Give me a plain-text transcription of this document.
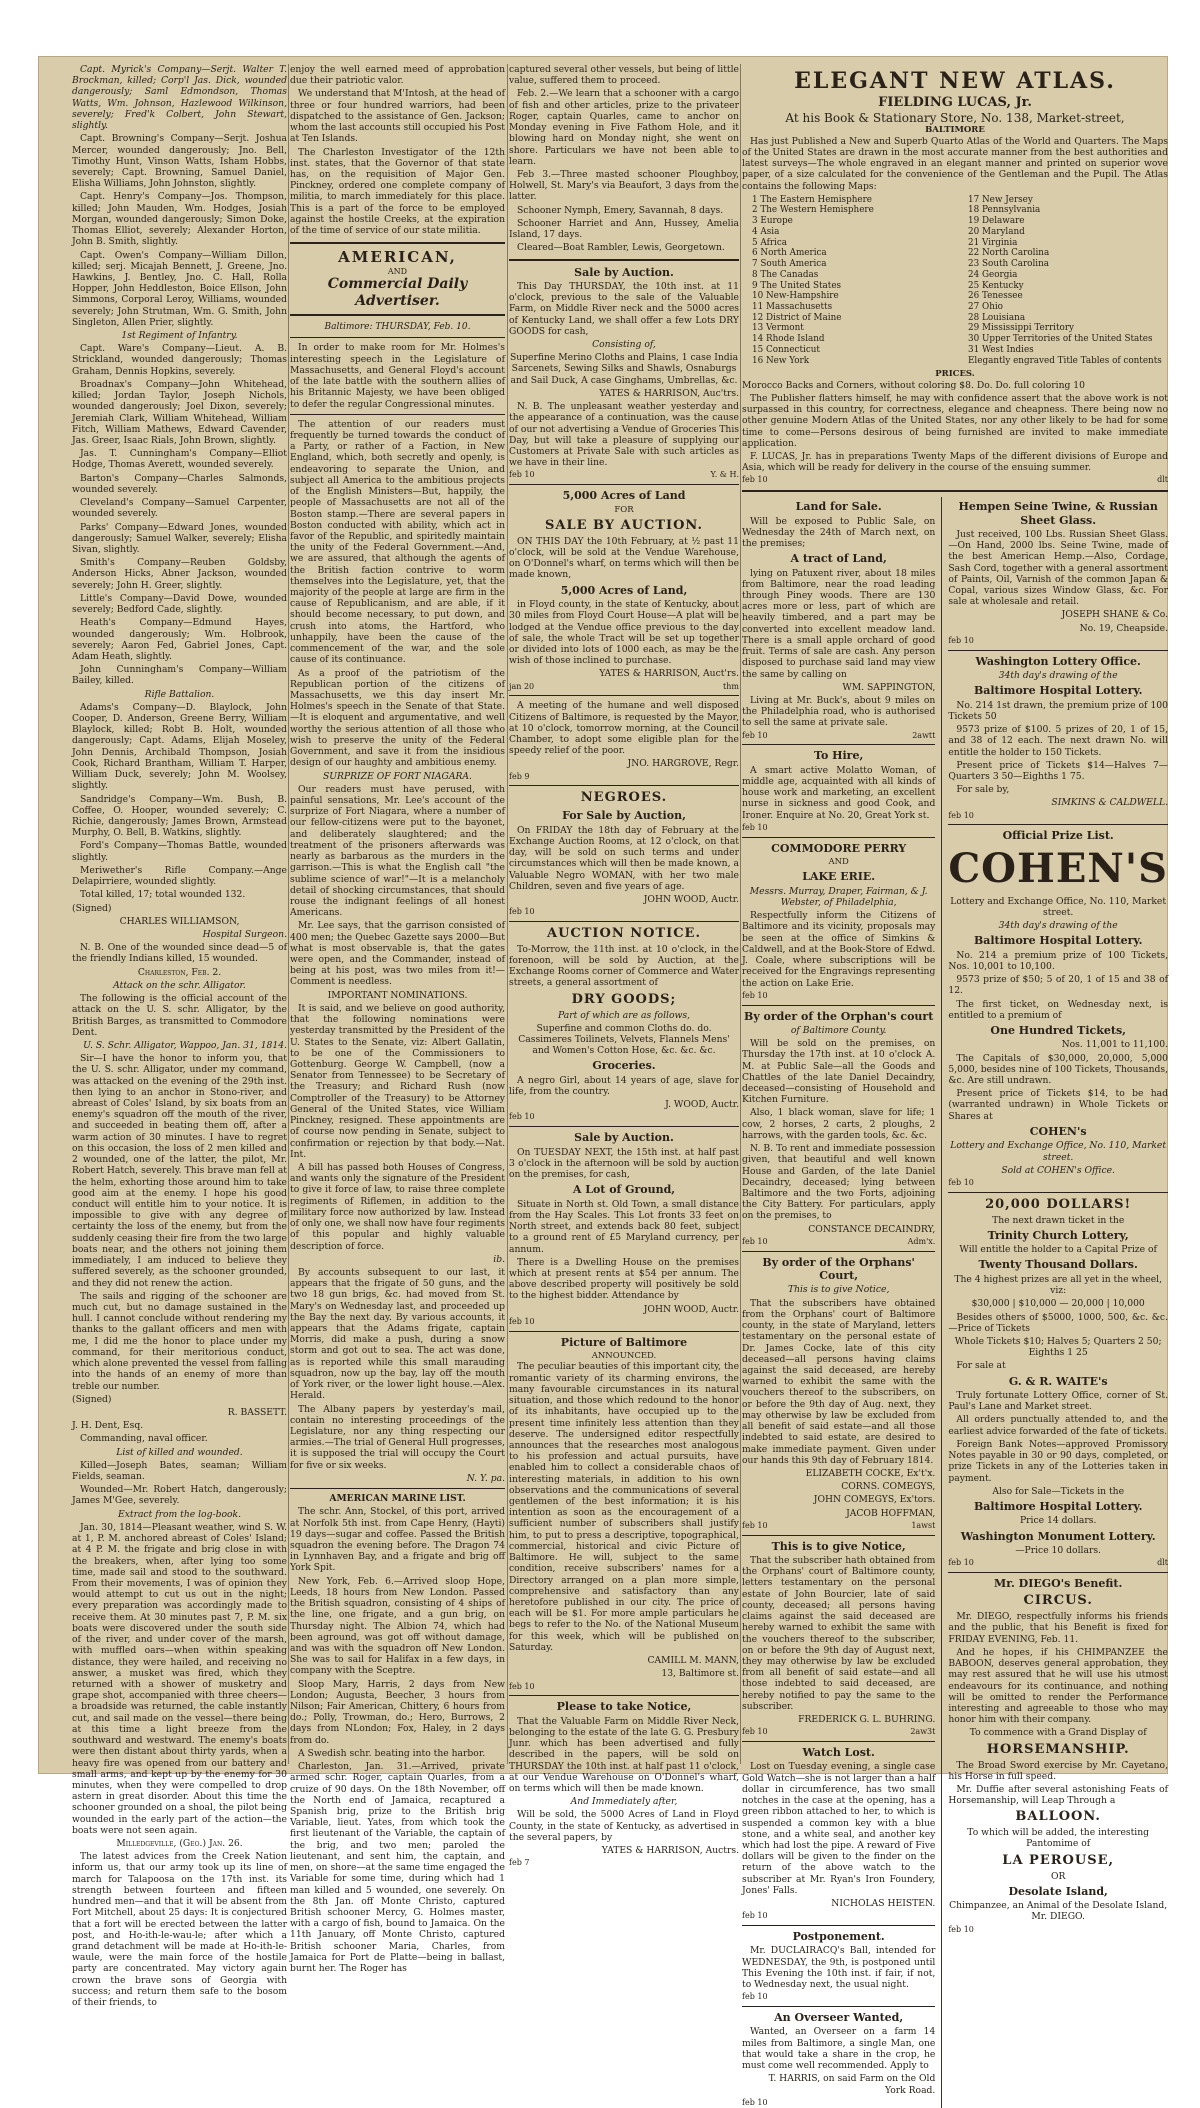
Capt. Myrick's Company—Serjt. Walter T. Brockman, killed; Corp'l Jas. Dick, wounded dangerously; Saml Edmondson, Thomas Watts, Wm. Johnson, Hazlewood Wilkinson, severely; Fred'k Colbert, John Stewart, slightly.

Capt. Browning's Company—Serjt. Joshua Mercer, wounded dangerously; Jno. Bell, Timothy Hunt, Vinson Watts, Isham Hobbs, severely; Capt. Browning, Samuel Daniel, Elisha Williams, John Johnston, slightly.

Capt. Henry's Company—Jos. Thompson, killed; John Mauden, Wm. Hodges, Josiah Morgan, wounded dangerously; Simon Doke, Thomas Elliot, severely; Alexander Horton, John B. Smith, slightly.

Capt. Owen's Company—William Dillon, killed; serj. Micajah Bennett, J. Greene, Jno. Hawkins, J. Bentley, Jno. C. Hall, Rolla Hopper, John Heddleston, Boice Ellson, John Simmons, Corporal Leroy, Williams, wounded severely; John Strutman, Wm. G. Smith, John Singleton, Allen Prier, slightly.

1st Regiment of Infantry.

Capt. Ware's Company—Lieut. A. B. Strickland, wounded dangerously; Thomas Graham, Dennis Hopkins, severely.

Broadnax's Company—John Whitehead, killed; Jordan Taylor, Joseph Nichols, wounded dangerously; Joel Dixon, severely; Jeremiah Clark, William Whitehead, William Fitch, William Mathews, Edward Cavender, Jas. Greer, Isaac Rials, John Brown, slightly.

Jas. T. Cunningham's Company—Elliot Hodge, Thomas Averett, wounded severely.

Barton's Company—Charles Salmonds, wounded severely.

Cleveland's Company—Samuel Carpenter, wounded severely.

Parks' Company—Edward Jones, wounded dangerously; Samuel Walker, severely; Elisha Sivan, slightly.

Smith's Company—Reuben Goldsby, Anderson Hicks, Abner Jackson, wounded severely; John H. Greer, slightly.

Little's Company—David Dowe, wounded severely; Bedford Cade, slightly.

Heath's Company—Edmund Hayes, wounded dangerously; Wm. Holbrook, severely; Aaron Fed, Gabriel Jones, Capt. Adam Heath, slightly.

John Cunningham's Company—William Bailey, killed.

Rifle Battalion.

Adams's Company—D. Blaylock, John Cooper, D. Anderson, Greene Berry, William Blaylock, killed; Robt B. Holt, wounded dangerously; Capt. Adams, Elijah Moseley, John Dennis, Archibald Thompson, Josiah Cook, Richard Brantham, William T. Harper, William Duck, severely; John M. Woolsey, slightly.

Sandridge's Company—Wm. Bush, B. Coffee, O. Hooper, wounded severely; C. Richie, dangerously; James Brown, Armstead Murphy, O. Bell, B. Watkins, slightly.

Ford's Company—Thomas Battle, wounded slightly.

Meriwether's Rifle Company.—Ange Delapirriere, wounded slightly.

Total killed, 17; total wounded 132.

(Signed)

CHARLES WILLIAMSON,

Hospital Surgeon.

N. B. One of the wounded since dead—5 of the friendly Indians killed, 15 wounded.

Charleston, Feb. 2.

Attack on the schr. Alligator.

The following is the official account of the attack on the U. S. schr. Alligator, by the British Barges, as transmitted to Commodore Dent.

U. S. Schr. Alligator, Wappoo, Jan. 31, 1814.

Sir—I have the honor to inform you, that the U. S. schr. Alligator, under my command, was attacked on the evening of the 29th inst. then lying to an anchor in Stono-river, and abreast of Coles' Island, by six boats from an enemy's squadron off the mouth of the river, and succeeded in beating them off, after a warm action of 30 minutes. I have to regret on this occasion, the loss of 2 men killed and 2 wounded, one of the latter, the pilot, Mr. Robert Hatch, severely. This brave man fell at the helm, exhorting those around him to take good aim at the enemy. I hope his good conduct will entitle him to your notice. It is impossible to give with any degree of certainty the loss of the enemy, but from the suddenly ceasing their fire from the two large boats near, and the others not joining them immediately, I am induced to believe they suffered severely, as the schooner grounded, and they did not renew the action.

The sails and rigging of the schooner are much cut, but no damage sustained in the hull. I cannot conclude without rendering my thanks to the gallant officers and men with me, I did me the honor to place under my command, for their meritorious conduct, which alone prevented the vessel from falling into the hands of an enemy of more than treble our number.

(Signed)

R. BASSETT.

J. H. Dent, Esq.

Commanding, naval officer.

List of killed and wounded.

Killed—Joseph Bates, seaman; William Fields, seaman.

Wounded—Mr. Robert Hatch, dangerously; James M'Gee, severely.

Extract from the log-book.

Jan. 30, 1814—Pleasant weather, wind S. W. at 1, P. M. anchored abreast of Coles' Island; at 4 P. M. the frigate and brig close in with the breakers, when, after lying too some time, made sail and stood to the southward. From their movements, I was of opinion they would attempt to cut us out in the night; every preparation was accordingly made to receive them. At 30 minutes past 7, P. M. six boats were discovered under the south side of the river, and under cover of the marsh, with muffled oars—when within speaking distance, they were hailed, and receiving no answer, a musket was fired, which they returned with a shower of musketry and grape shot, accompanied with three cheers—a broadside was returned, the cable instantly cut, and sail made on the vessel—there being at this time a light breeze from the southward and westward. The enemy's boats were then distant about thirty yards, when a heavy fire was opened from our battery and small arms, and kept up by the enemy for 30 minutes, when they were compelled to drop astern in great disorder. About this time the schooner grounded on a shoal, the pilot being wounded in the early part of the action—the boats were not seen again.

Milledgeville, (Geo.) Jan. 26.

The latest advices from the Creek Nation inform us, that our army took up its line of march for Talapoosa on the 17th inst. its strength between fourteen and fifteen hundred men—and that it will be absent from Fort Mitchell, about 25 days: It is conjectured that a fort will be erected between the latter post, and Ho-ith-le-wau-le; after which a grand detachment will be made at Ho-ith-le-waule, were the main force of the hostile party are concentrated. May victory again crown the brave sons of Georgia with success; and return them safe to the bosom of their friends, to

enjoy the well earned meed of approbation due their patriotic valor.

We understand that M'Intosh, at the head of three or four hundred warriors, had been dispatched to the assistance of Gen. Jackson; whom the last accounts still occupied his Post at Ten Islands.

The Charleston Investigator of the 12th inst. states, that the Governor of that state has, on the requisition of Major Gen. Pinckney, ordered one complete company of militia, to march immediately for this place. This is a part of the force to be employed against the hostile Creeks, at the expiration of the time of service of our state militia.

AMERICAN,
AND
Commercial Daily Advertiser.
Baltimore: THURSDAY, Feb. 10.

In order to make room for Mr. Holmes's interesting speech in the Legislature of Massachusetts, and General Floyd's account of the late battle with the southern allies of his Britannic Majesty, we have been obliged to defer the regular Congressional minutes.

The attention of our readers must frequently be turned towards the conduct of a Party, or rather of a Faction, in New England, which, both secretly and openly, is endeavoring to separate the Union, and subject all America to the ambitious projects of the English Ministers—But, happily, the people of Massachusetts are not all of the Boston stamp.—There are several papers in Boston conducted with ability, which act in favor of the Republic, and spiritedly maintain the unity of the Federal Government.—And, we are assured, that although the agents of the British faction contrive to worm themselves into the Legislature, yet, that the majority of the people at large are firm in the cause of Republicanism, and are able, if it should become necessary, to put down, and crush into atoms, the Hartford, who unhappily, have been the cause of the commencement of the war, and the sole cause of its continuance.

As a proof of the patriotism of the Republican portion of the citizens of Massachusetts, we this day insert Mr. Holmes's speech in the Senate of that State.—It is eloquent and argumentative, and well worthy the serious attention of all those who wish to preserve the unity of the Federal Government, and save it from the insidious design of our haughty and ambitious enemy.

SURPRIZE OF FORT NIAGARA.

Our readers must have perused, with painful sensations, Mr. Lee's account of the surprize of Fort Niagara, where a number of our fellow-citizens were put to the bayonet, and deliberately slaughtered; and the treatment of the prisoners afterwards was nearly as barbarous as the murders in the garrison.—This is what the English call "the sublime science of war!"—It is a melancholy detail of shocking circumstances, that should rouse the indignant feelings of all honest Americans.

Mr. Lee says, that the garrison consisted of 400 men; the Quebec Gazette says 2000—But what is most observable is, that the gates were open, and the Commander, instead of being at his post, was two miles from it!—Comment is needless.

IMPORTANT NOMINATIONS.

It is said, and we believe on good authority, that the following nominations were yesterday transmitted by the President of the U. States to the Senate, viz: Albert Gallatin, to be one of the Commissioners to Gottenburg. George W. Campbell, (now a Senator from Tennessee) to be Secretary of the Treasury; and Richard Rush (now Comptroller of the Treasury) to be Attorney General of the United States, vice William Pinckney, resigned. These appointments are of course now pending in Senate, subject to confirmation or rejection by that body.—Nat. Int.

A bill has passed both Houses of Congress, and wants only the signature of the President to give it force of law, to raise three complete regiments of Riflemen, in addition to the military force now authorized by law. Instead of only one, we shall now have four regiments of this popular and highly valuable description of force.

ib.

By accounts subsequent to our last, it appears that the frigate of 50 guns, and the two 18 gun brigs, &c. had moved from St. Mary's on Wednesday last, and proceeded up the Bay the next day. By various accounts, it appears that the Adams frigate, captain Morris, did make a push, during a snow storm and got out to sea. The act was done, as is reported while this small marauding squadron, now up the bay, lay off the mouth of York river, or the lower light house.—Alex. Herald.

The Albany papers by yesterday's mail, contain no interesting proceedings of the Legislature, nor any thing respecting our armies.—The trial of General Hull progresses, it is supposed the trial will occupy the Court for five or six weeks.

N. Y. pa.

AMERICAN MARINE LIST.

The schr. Ann, Stockel, of this port, arrived at Norfolk 5th inst. from Cape Henry, (Hayti) 19 days—sugar and coffee. Passed the British squadron the evening before. The Dragon 74 in Lynnhaven Bay, and a frigate and brig off York Spit.

New York, Feb. 6.—Arrived sloop Hope, Leeds, 18 hours from New London. Passed the British squadron, consisting of 4 ships of the line, one frigate, and a gun brig, on Thursday night. The Albion 74, which had been aground, was got off without damage, and was with the squadron off New London. She was to sail for Halifax in a few days, in company with the Sceptre.

Sloop Mary, Harris, 2 days from New London; Augusta, Beecher, 3 hours from Nilson; Fair American, Chittery, 6 hours from do.; Polly, Trowman, do.; Hero, Burrows, 2 days from NLondon; Fox, Haley, in 2 days from do.

A Swedish schr. beating into the harbor.

Charleston, Jan. 31.—Arrived, private armed schr. Roger, captain Quarles, from a cruize of 90 days. On the 18th November, off the North end of Jamaica, recaptured a Spanish brig, prize to the British brig Variable, lieut. Yates, from which took the first lieutenant of the Variable, the captain of the brig, and two men; paroled the lieutenant, and sent him, the captain, and men, on shore—at the same time engaged the Variable for some time, during which had 1 man killed and 5 wounded, one severely. On the 8th Jan. off Monte Christo, captured British schooner Mercy, G. Holmes master, with a cargo of fish, bound to Jamaica. On the 11th January, off Monte Christo, captured British schooner Maria, Charles, from Jamaica for Port de Platte—being in ballast, burnt her. The Roger has

captured several other vessels, but being of little value, suffered them to proceed.

Feb. 2.—We learn that a schooner with a cargo of fish and other articles, prize to the privateer Roger, captain Quarles, came to anchor on Monday evening in Five Fathom Hole, and it blowing hard on Monday night, she went on shore. Particulars we have not been able to learn.

Feb 3.—Three masted schooner Ploughboy, Holwell, St. Mary's via Beaufort, 3 days from the latter.

Schooner Nymph, Emery, Savannah, 8 days.

Schooner Harriet and Ann, Hussey, Amelia Island, 17 days.

Cleared—Boat Rambler, Lewis, Georgetown.

Sale by Auction.

This Day THURSDAY, the 10th inst. at 11 o'clock, previous to the sale of the Valuable Farm, on Middle River neck and the 5000 acres of Kentucky Land, we shall offer a few Lots DRY GOODS for cash,

Consisting of,

Superfine Merino Cloths and Plains, 1 case India Sarcenets, Sewing Silks and Shawls, Osnaburgs and Sail Duck, A case Ginghams, Umbrellas, &c.

YATES & HARRISON, Auc'trs.

N. B. The unpleasant weather yesterday and the appearance of a continuation, was the cause of our not advertising a Vendue of Groceries This Day, but will take a pleasure of supplying our Customers at Private Sale with such articles as we have in their line.

feb 10	Y. & H.
5,000 Acres of Land
FOR
SALE BY AUCTION.

ON THIS DAY the 10th February, at ½ past 11 o'clock, will be sold at the Vendue Warehouse, on O'Donnel's wharf, on terms which will then be made known,

5,000 Acres of Land,

in Floyd county, in the state of Kentucky, about 30 miles from Floyd Court House—A plat will be lodged at the Vendue office previous to the day of sale, the whole Tract will be set up together or divided into lots of 1000 each, as may be the wish of those inclined to purchase.

YATES & HARRISON, Auct'rs.

jan 20	thm

A meeting of the humane and well disposed Citizens of Baltimore, is requested by the Mayor, at 10 o'clock, tomorrow morning, at the Council Chamber, to adopt some eligible plan for the speedy relief of the poor.

JNO. HARGROVE, Regr.

feb 9
NEGROES.
For Sale by Auction,

On FRIDAY the 18th day of February at the Exchange Auction Rooms, at 12 o'clock, on that day, will be sold on such terms and under circumstances which will then be made known, a Valuable Negro WOMAN, with her two male Children, seven and five years of age.

JOHN WOOD, Auctr.

feb 10
AUCTION NOTICE.

To-Morrow, the 11th inst. at 10 o'clock, in the forenoon, will be sold by Auction, at the Exchange Rooms corner of Commerce and Water streets, a general assortment of

DRY GOODS;

Part of which are as follows,

Superfine and common Cloths do. do. Cassimeres Toilinets, Velvets, Flannels Mens' and Women's Cotton Hose, &c. &c. &c.

Groceries.

A negro Girl, about 14 years of age, slave for life, from the country.

J. WOOD, Auctr.

feb 10
Sale by Auction.

On TUESDAY NEXT, the 15th inst. at half past 3 o'clock in the afternoon will be sold by auction on the premises, for cash,

A Lot of Ground,

Situate in North st. Old Town, a small distance from the Hay Scales. This Lot fronts 33 feet on North street, and extends back 80 feet, subject to a ground rent of £5 Maryland currency, per annum.

There is a Dwelling House on the premises which at present rents at $54 per annum. The above described property will positively be sold to the highest bidder. Attendance by

JOHN WOOD, Auctr.

feb 10
Picture of Baltimore
ANNOUNCED.

The peculiar beauties of this important city, the romantic variety of its charming environs, the many favourable circumstances in its natural situation, and those which redound to the honor of its inhabitants, have occupied up to the present time infinitely less attention than they deserve. The undersigned editor respectfully announces that the researches most analogous to his profession and actual pursuits, have enabled him to collect a considerable chaos of interesting materials, in addition to his own observations and the communications of several gentlemen of the best information; it is his intention as soon as the encouragement of a sufficient number of subscribers shall justify him, to put to press a descriptive, topographical, commercial, historical and civic Picture of Baltimore. He will, subject to the same condition, receive subscribers' names for a Directory arranged on a plan more simple, comprehensive and satisfactory than any heretofore published in our city. The price of each will be $1. For more ample particulars he begs to refer to the No. of the National Museum for this week, which will be published on Saturday.

CAMILL M. MANN,

13, Baltimore st.

feb 10
Please to take Notice,

That the Valuable Farm on Middle River Neck, belonging to the estate of the late G. G. Presbury Junr. which has been advertised and fully described in the papers, will be sold on THURSDAY the 10th inst. at half past 11 o'clock, at our Vendue Warehouse on O'Donnel's wharf, on terms which will then be made known.

And Immediately after,

Will be sold, the 5000 Acres of Land in Floyd County, in the state of Kentucky, as advertised in the several papers, by

YATES & HARRISON, Auctrs.

feb 7
ELEGANT NEW ATLAS.
FIELDING LUCAS, Jr.
At his Book & Stationary Store, No. 138, Market-street,
BALTIMORE

Has just Published a New and Superb Quarto Atlas of the World and Quarters. The Maps of the United States are drawn in the most accurate manner from the best authorities and latest surveys—The whole engraved in an elegant manner and printed on superior wove paper, of a size calculated for the convenience of the Gentleman and the Pupil. The Atlas contains the following Maps:

1 The Eastern Hemisphere
2 The Western Hemisphere
3 Europe
4 Asia
5 Africa
6 North America
7 South America
8 The Canadas
9 The United States
10 New-Hampshire
11 Massachusetts
12 District of Maine
13 Vermont
14 Rhode Island
15 Connecticut
16 New York
17 New Jersey
18 Pennsylvania
19 Delaware
20 Maryland
21 Virginia
22 North Carolina
23 South Carolina
24 Georgia
25 Kentucky
26 Tenessee
27 Ohio
28 Louisiana
29 Mississippi Territory
30 Upper Territories of the United States
31 West Indies
Elegantly engraved Title Tables of contents
PRICES.

Morocco Backs and Corners, without coloring $8. Do. Do. full coloring 10

The Publisher flatters himself, he may with confidence assert that the above work is not surpassed in this country, for correctness, elegance and cheapness. There being now no other genuine Modern Atlas of the United States, nor any other likely to be had for some time to come—Persons desirous of being furnished are invited to make immediate application.

F. LUCAS, Jr. has in preparations Twenty Maps of the different divisions of Europe and Asia, which will be ready for delivery in the course of the ensuing summer.

feb 10	dlt
Land for Sale.

Will be exposed to Public Sale, on Wednesday the 24th of March next, on the premises;

A tract of Land,

lying on Patuxent river, about 18 miles from Baltimore, near the road leading through Piney woods. There are 130 acres more or less, part of which are heavily timbered, and a part may be converted into excellent meadow land. There is a small apple orchard of good fruit. Terms of sale are cash. Any person disposed to purchase said land may view the same by calling on

WM. SAPPINGTON,

Living at Mr. Buck's, about 9 miles on the Philadelphia road, who is authorised to sell the same at private sale.

feb 10	2awtt
To Hire,

A smart active Molatto Woman, of middle age, acquainted with all kinds of house work and marketing, an excellent nurse in sickness and good Cook, and Ironer. Enquire at No. 20, Great York st.

feb 10
COMMODORE PERRY
AND
LAKE ERIE.

Messrs. Murray, Draper, Fairman, & J. Webster, of Philadelphia,

Respectfully inform the Citizens of Baltimore and its vicinity, proposals may be seen at the office of Simkins & Caldwell, and at the Book-Store of Edwd. J. Coale, where subscriptions will be received for the Engravings representing the action on Lake Erie.

feb 10
By order of the Orphan's court

of Baltimore County.

Will be sold on the premises, on Thursday the 17th inst. at 10 o'clock A. M. at Public Sale—all the Goods and Chattles of the late Daniel Decaindry, deceased—consisting of Household and Kitchen Furniture.

Also, 1 black woman, slave for life; 1 cow, 2 horses, 2 carts, 2 ploughs, 2 harrows, with the garden tools, &c. &c.

N. B. To rent and immediate possession given, that beautiful and well known House and Garden, of the late Daniel Decaindry, deceased; lying between Baltimore and the two Forts, adjoining the City Battery. For particulars, apply on the premises, to

CONSTANCE DECAINDRY,

feb 10	Adm'x.
By order of the Orphans' Court,

This is to give Notice,

That the subscribers have obtained from the Orphans' court of Baltimore county, in the state of Maryland, letters testamentary on the personal estate of Dr. James Cocke, late of this city deceased—all persons having claims against the said deceased, are hereby warned to exhibit the same with the vouchers thereof to the subscribers, on or before the 9th day of Aug. next, they may otherwise by law be excluded from all benefit of said estate—and all those indebted to said estate, are desired to make immediate payment. Given under our hands this 9th day of February 1814.

ELIZABETH COCKE, Ex't'x.

CORNS. COMEGYS,

JOHN COMEGYS, Ex'tors.

JACOB HOFFMAN,

feb 10	1awst
This is to give Notice,

That the subscriber hath obtained from the Orphans' court of Baltimore county, letters testamentary on the personal estate of John Bourcier, late of said county, deceased; all persons having claims against the said deceased are hereby warned to exhibit the same with the vouchers thereof to the subscriber, on or before the 9th day of August next, they may otherwise by law be excluded from all benefit of said estate—and all those indebted to said deceased, are hereby notified to pay the same to the subscriber.

FREDERICK G. L. BUHRING.

feb 10	2aw3t
Watch Lost.

Lost on Tuesday evening, a single case Gold Watch—she is not larger than a half dollar in circumference, has two small notches in the case at the opening, has a green ribbon attached to her, to which is suspended a common key with a blue stone, and a white seal, and another key which had lost the pipe. A reward of Five dollars will be given to the finder on the return of the above watch to the subscriber at Mr. Ryan's Iron Foundery, Jones' Falls.

NICHOLAS HEISTEN.

feb 10
Postponement.

Mr. DUCLAIRACQ's Ball, intended for WEDNESDAY, the 9th, is postponed until This Evening the 10th inst. if fair, if not, to Wednesday next, the usual night.

feb 10
An Overseer Wanted,

Wanted, an Overseer on a farm 14 miles from Baltimore, a single Man, one that would take a share in the crop, he must come well recommended. Apply to

T. HARRIS, on said Farm on the Old York Road.

feb 10
Hempen Seine Twine, & Russian Sheet Glass.

Just received, 100 Lbs. Russian Sheet Glass.—On Hand, 2000 lbs. Seine Twine, made of the best American Hemp.—Also, Cordage, Sash Cord, together with a general assortment of Paints, Oil, Varnish of the common Japan & Copal, various sizes Window Glass, &c. For sale at wholesale and retail.

JOSEPH SHANE & Co.

No. 19, Cheapside.

feb 10
Washington Lottery Office.

34th day's drawing of the

Baltimore Hospital Lottery.

No. 214 1st drawn, the premium prize of 100 Tickets 50

9573 prize of $100. 5 prizes of 20, 1 of 15, and 38 of 12 each. The next drawn No. will entitle the holder to 150 Tickets.

Present price of Tickets $14—Halves 7—Quarters 3 50—Eighths 1 75.

For sale by,

SIMKINS & CALDWELL.

feb 10
Official Prize List.
COHEN'S

Lottery and Exchange Office, No. 110, Market street.

34th day's drawing of the

Baltimore Hospital Lottery.

No. 214 a premium prize of 100 Tickets, Nos. 10,001 to 10,100.

9573 prize of $50; 5 of 20, 1 of 15 and 38 of 12.

The first ticket, on Wednesday next, is entitled to a premium of

One Hundred Tickets,

Nos. 11,001 to 11,100.

The Capitals of $30,000, 20,000, 5,000 5,000, besides nine of 100 Tickets, Thousands, &c. Are still undrawn.

Present price of Tickets $14, to be had (warranted undrawn) in Whole Tickets or Shares at

COHEN's

Lottery and Exchange Office, No. 110, Market street.

Sold at COHEN's Office.

feb 10
20,000 DOLLARS!

The next drawn ticket in the

Trinity Church Lottery,

Will entitle the holder to a Capital Prize of

Twenty Thousand Dollars.

The 4 highest prizes are all yet in the wheel, viz:

$30,000 | $10,000 — 20,000 | 10,000

Besides others of $5000, 1000, 500, &c. &c.—Price of Tickets

Whole Tickets $10; Halves 5; Quarters 2 50; Eighths 1 25

For sale at

G. & R. WAITE's

Truly fortunate Lottery Office, corner of St. Paul's Lane and Market street.

All orders punctually attended to, and the earliest advice forwarded of the fate of tickets.

Foreign Bank Notes—approved Promissory Notes payable in 30 or 90 days, completed, or prize Tickets in any of the Lotteries taken in payment.

Also for Sale—Tickets in the

Baltimore Hospital Lottery.

Price 14 dollars.

Washington Monument Lottery.

—Price 10 dollars.

feb 10	dlt
Mr. DIEGO's Benefit.
CIRCUS.

Mr. DIEGO, respectfully informs his friends and the public, that his Benefit is fixed for FRIDAY EVENING, Feb. 11.

And he hopes, if his CHIMPANZEE the BABOON, deserves general approbation, they may rest assured that he will use his utmost endeavours for its continuance, and nothing will be omitted to render the Performance interesting and agreeable to those who may honor him with their company.

To commence with a Grand Display of

HORSEMANSHIP.

The Broad Sword exercise by Mr. Cayetano, his Horse in full speed.

Mr. Duffie after several astonishing Feats of Horsemanship, will Leap Through a

BALLOON.

To which will be added, the interesting Pantomime of

LA PEROUSE,

OR

Desolate Island,

Chimpanzee, an Animal of the Desolate Island, Mr. DIEGO.

feb 10
